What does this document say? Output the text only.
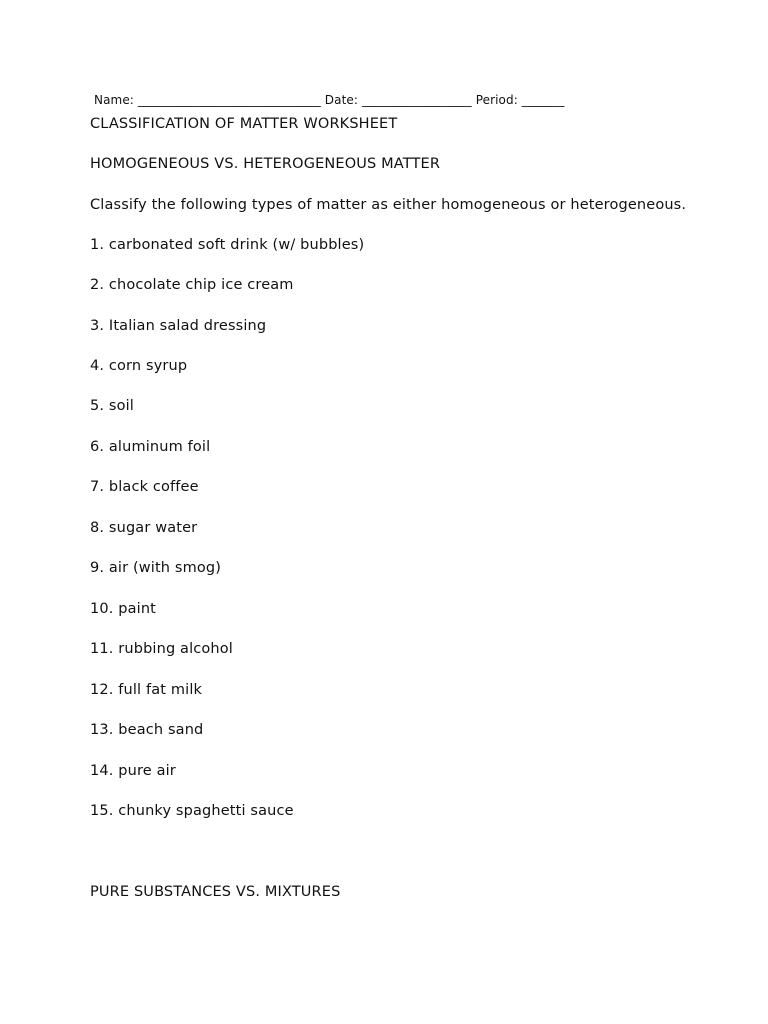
Name: ______________________________ Date: __________________ Period: _______
CLASSIFICATION OF MATTER WORKSHEET
HOMOGENEOUS VS. HETEROGENEOUS MATTER
Classify the following types of matter as either homogeneous or heterogeneous.
1. carbonated soft drink (w/ bubbles)
2. chocolate chip ice cream
3. Italian salad dressing
4. corn syrup
5. soil
6. aluminum foil
7. black coffee
8. sugar water
9. air (with smog)
10. paint
11. rubbing alcohol
12. full fat milk
13. beach sand
14. pure air
15. chunky spaghetti sauce
PURE SUBSTANCES VS. MIXTURES
